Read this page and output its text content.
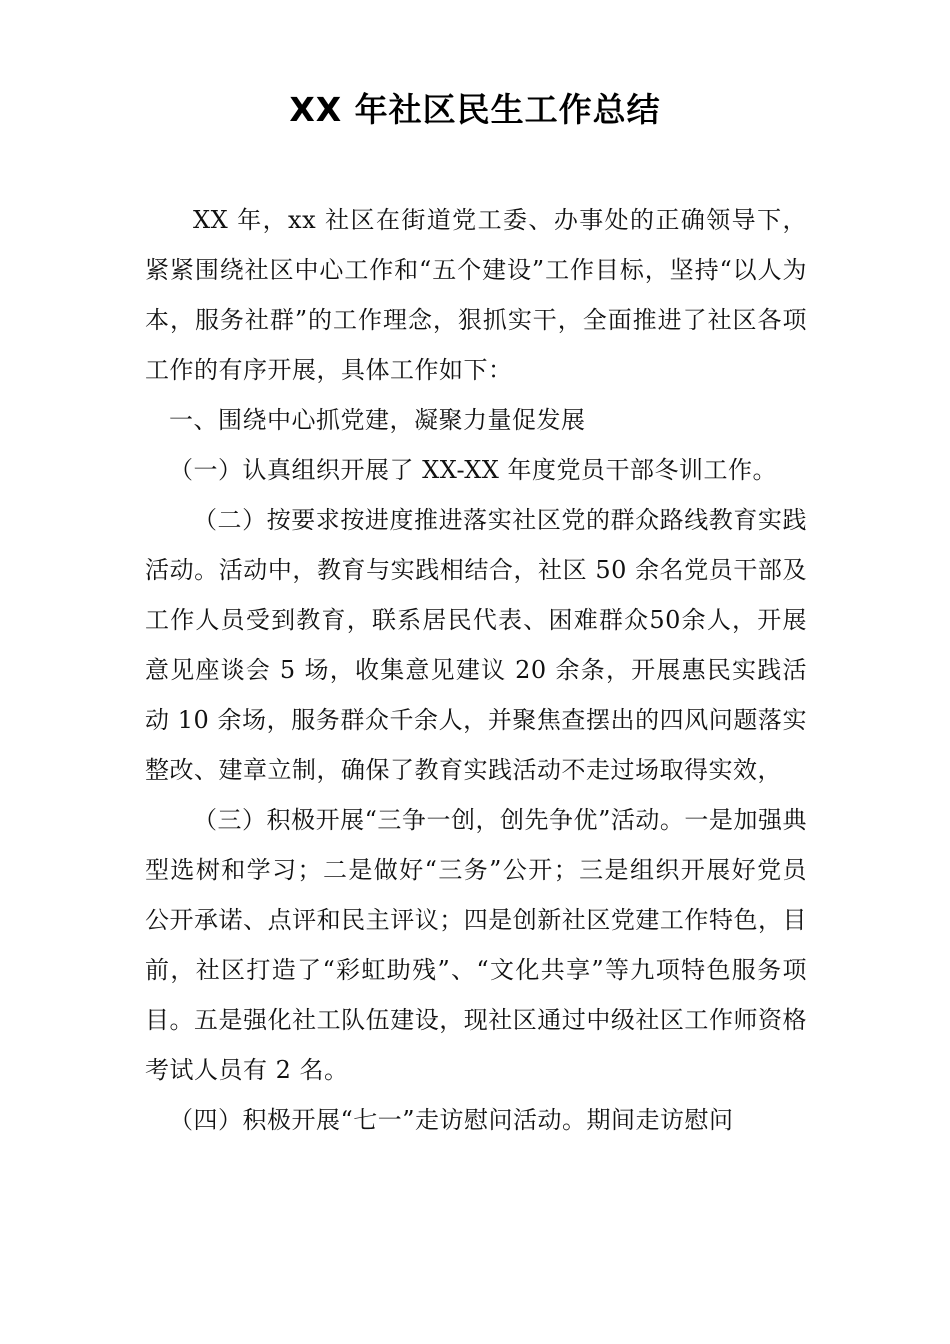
XX 年社区民生工作总结

XX 年，xx 社区在街道党工委、办事处的正确领导下，紧紧围绕社区中心工作和“五个建设”工作目标，坚持“以人为本，服务社群”的工作理念，狠抓实干，全面推进了社区各项工作的有序开展，具体工作如下：

一、围绕中心抓党建，凝聚力量促发展

（一）认真组织开展了 XX-XX 年度党员干部冬训工作。

（二）按要求按进度推进落实社区党的群众路线教育实践活动。活动中，教育与实践相结合，社区 50 余名党员干部及工作人员受到教育，联系居民代表、困难群众50余人，开展意见座谈会 5 场，收集意见建议 20 余条，开展惠民实践活动 10 余场，服务群众千余人，并聚焦查摆出的四风问题落实整改、建章立制，确保了教育实践活动不走过场取得实效，

（三）积极开展“三争一创，创先争优”活动。一是加强典型选树和学习；二是做好“三务”公开；三是组织开展好党员公开承诺、点评和民主评议；四是创新社区党建工作特色，目前，社区打造了“彩虹助残”、“文化共享”等九项特色服务项目。五是强化社工队伍建设，现社区通过中级社区工作师资格考试人员有 2 名。

（四）积极开展“七一”走访慰问活动。期间走访慰问
